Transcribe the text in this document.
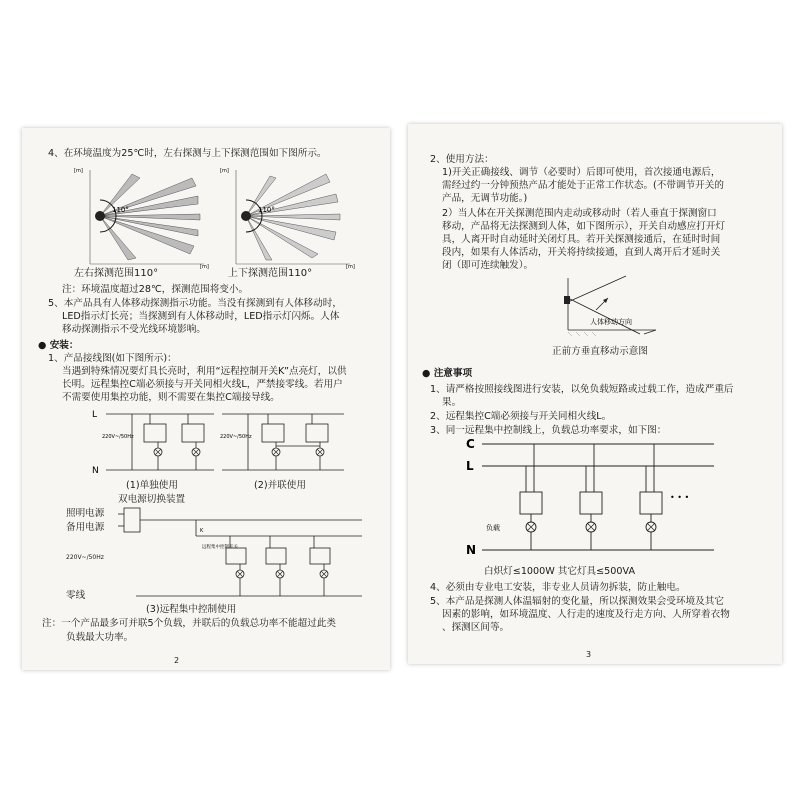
4、在环境温度为25℃时，左右探测与上下探测范围如下图所示。
110°
[m]
[m]
左右探测范围110°
110°
[m]
[m]
上下探测范围110°
注：环境温度超过28℃，探测范围将变小。
5、本产品具有人体移动探测指示功能。当没有探测到有人体移动时，
LED指示灯长亮；当探测到有人体移动时，LED指示灯闪烁。人体
移动探测指示不受光线环境影响。
● 安装：
1、产品接线图(如下图所示)：
当遇到特殊情况要灯具长亮时，利用“远程控制开关K”点亮灯，以供
长明。远程集控C端必须接与开关同相火线L，严禁接零线。若用户
不需要使用集控功能，则不需要在集控C端接导线。
L
N
220V~/50Hz
(1)单独使用
220V~/50Hz
(2)并联使用
双电源切换装置
照明电源
备用电源	K
远程集中控制开关
220V~/50Hz
零线
(3)远程集中控制使用
注：一个产品最多可并联5个负载，并联后的负载总功率不能超过此类
负载最大功率。
2
2、使用方法：
1)开关正确接线、调节（必要时）后即可使用，首次接通电源后，
需经过约一分钟预热产品才能处于正常工作状态。(不带调节开关的
产品，无调节功能。)
2）当人体在开关探测范围内走动或移动时（若人垂直于探测窗口
移动，产品将无法探测到人体，如下图所示），开关自动感应打开灯
具，人离开时自动延时关闭灯具。若开关探测接通后，在延时时间
段内，如果有人体活动，开关将持续接通，直到人离开后才延时关
闭（即可连续触发）。
人体移动方向
正前方垂直移动示意图
● 注意事项
1、请严格按照接线图进行安装，以免负载短路或过载工作，造成严重后
果。
2、远程集控C端必须接与开关同相火线L。
3、同一远程集中控制线上，负载总功率要求，如下图：
C
L
N
负载
• • •
白炽灯≤1000W 其它灯具≤500VA
4、必须由专业电工安装，非专业人员请勿拆装，防止触电。
5、本产品是探测人体温辐射的变化量，所以探测效果会受环境及其它
因素的影响，如环境温度、人行走的速度及行走方向、人所穿着衣物
、探测区间等。
3
